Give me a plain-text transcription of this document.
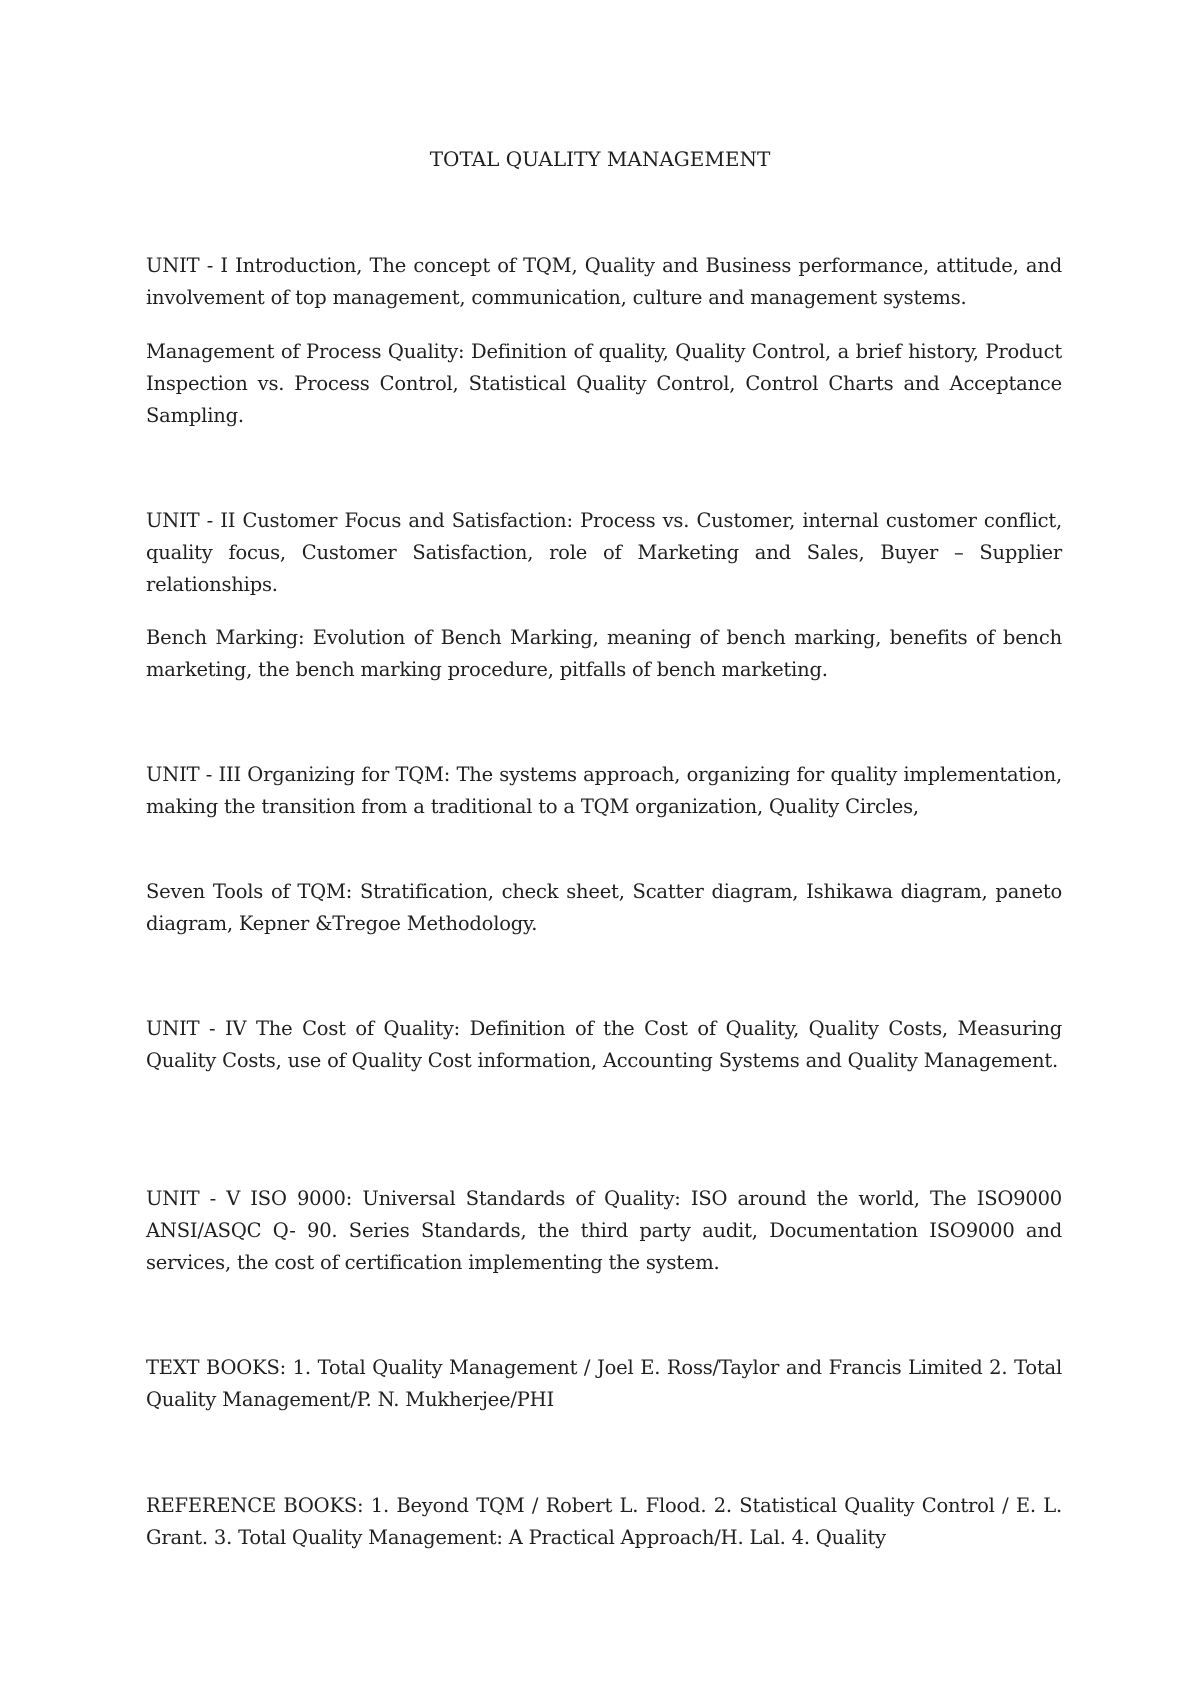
TOTAL QUALITY MANAGEMENT

UNIT - I Introduction, The concept of TQM, Quality and Business performance, attitude, and involvement of top management, communication, culture and management systems.

Management of Process Quality: Definition of quality, Quality Control, a brief history, Product Inspection vs. Process Control, Statistical Quality Control, Control Charts and Acceptance Sampling.

UNIT - II Customer Focus and Satisfaction: Process vs. Customer, internal customer conflict, quality focus, Customer Satisfaction, role of Marketing and Sales, Buyer – Supplier relationships.

Bench Marking: Evolution of Bench Marking, meaning of bench marking, benefits of bench marketing, the bench marking procedure, pitfalls of bench marketing.

UNIT - III Organizing for TQM: The systems approach, organizing for quality implementation, making the transition from a traditional to a TQM organization, Quality Circles,

Seven Tools of TQM: Stratification, check sheet, Scatter diagram, Ishikawa diagram, paneto diagram, Kepner &Tregoe Methodology.

UNIT - IV The Cost of Quality: Definition of the Cost of Quality, Quality Costs, Measuring Quality Costs, use of Quality Cost information, Accounting Systems and Quality Management.

UNIT - V ISO 9000: Universal Standards of Quality: ISO around the world, The ISO9000 ANSI/ASQC Q- 90. Series Standards, the third party audit, Documentation ISO9000 and services, the cost of certification implementing the system.

TEXT BOOKS: 1. Total Quality Management / Joel E. Ross/Taylor and Francis Limited 2. Total Quality Management/P. N. Mukherjee/PHI

REFERENCE BOOKS: 1. Beyond TQM / Robert L. Flood. 2. Statistical Quality Control / E. L. Grant. 3. Total Quality Management: A Practical Approach/H. Lal. 4. Quality
